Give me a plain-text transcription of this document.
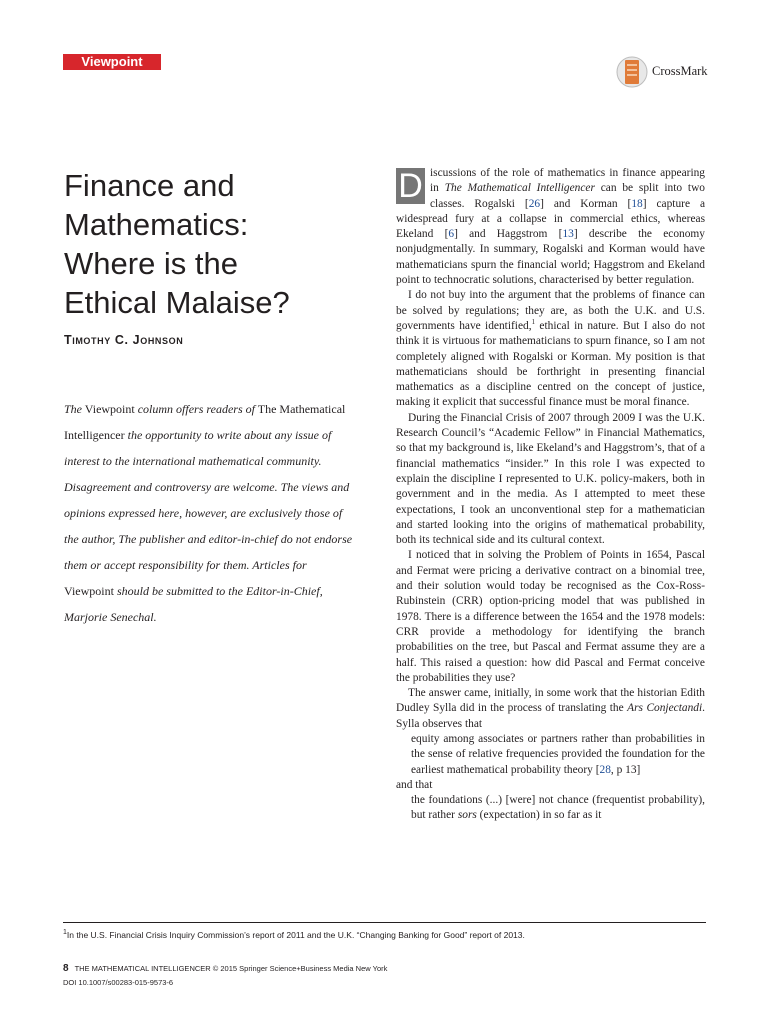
Viewpoint
CrossMark
Finance and
Mathematics:
Where is the
Ethical Malaise?
Timothy C. Johnson
The Viewpoint column offers readers of The Mathematical Intelligencer the opportunity to write about any issue of interest to the international mathematical community. Disagreement and controversy are welcome. The views and opinions expressed here, however, are exclusively those of the author, The publisher and editor-in-chief do not endorse them or accept responsibility for them. Articles for Viewpoint should be submitted to the Editor-in-Chief, Marjorie Senechal.
D iscussions of the role of mathematics in finance appearing in The Mathematical Intelligencer can be split into two classes. Rogalski [26] and Korman [18] capture a widespread fury at a collapse in commercial ethics, whereas Ekeland [6] and Haggstrom [13] describe the economy nonjudgmentally. In summary, Rogalski and Korman would have mathematicians spurn the financial world; Haggstrom and Ekeland point to technocratic solutions, characterised by better regulation.

I do not buy into the argument that the problems of finance can be solved by regulations; they are, as both the U.K. and U.S. governments have identified,$^1$ ethical in nature. But I also do not think it is virtuous for mathematicians to spurn finance, so I am not completely aligned with Rogalski or Korman. My position is that mathematicians should be forthright in presenting financial mathematics as a discipline centred on the concept of justice, making it explicit that successful finance must be moral finance.

During the Financial Crisis of 2007 through 2009 I was the U.K. Research Council’s “Academic Fellow” in Financial Mathematics, so that my background is, like Ekeland’s and Haggstrom’s, that of a financial mathematics “insider.” In this role I was expected to explain the discipline I represented to U.K. policy-makers, both in government and in the media. As I attempted to meet these expectations, I took an unconventional step for a mathematician and started looking into the origins of mathematical probability, both its technical side and its cultural context.

I noticed that in solving the Problem of Points in 1654, Pascal and Fermat were pricing a derivative contract on a binomial tree, and their solution would today be recognised as the Cox-Ross-Rubinstein (CRR) option-pricing model that was published in 1978. There is a difference between the 1654 and the 1978 models: CRR provide a methodology for identifying the branch probabilities on the tree, but Pascal and Fermat assume they are a half. This raised a question: how did Pascal and Fermat conceive the probabilities they use?

The answer came, initially, in some work that the historian Edith Dudley Sylla did in the process of translating the Ars Conjectandi. Sylla observes that

equity among associates or partners rather than probabilities in the sense of relative frequencies provided the foundation for the earliest mathematical probability theory [28, p 13]

and that

the foundations (...) [were] not chance (frequentist probability), but rather sors (expectation) in so far as it

$^1$In the U.S. Financial Crisis Inquiry Commission’s report of 2011 and the U.K. “Changing Banking for Good” report of 2013.
8 THE MATHEMATICAL INTELLIGENCER © 2015 Springer Science+Business Media New York
DOI 10.1007/s00283-015-9573-6
